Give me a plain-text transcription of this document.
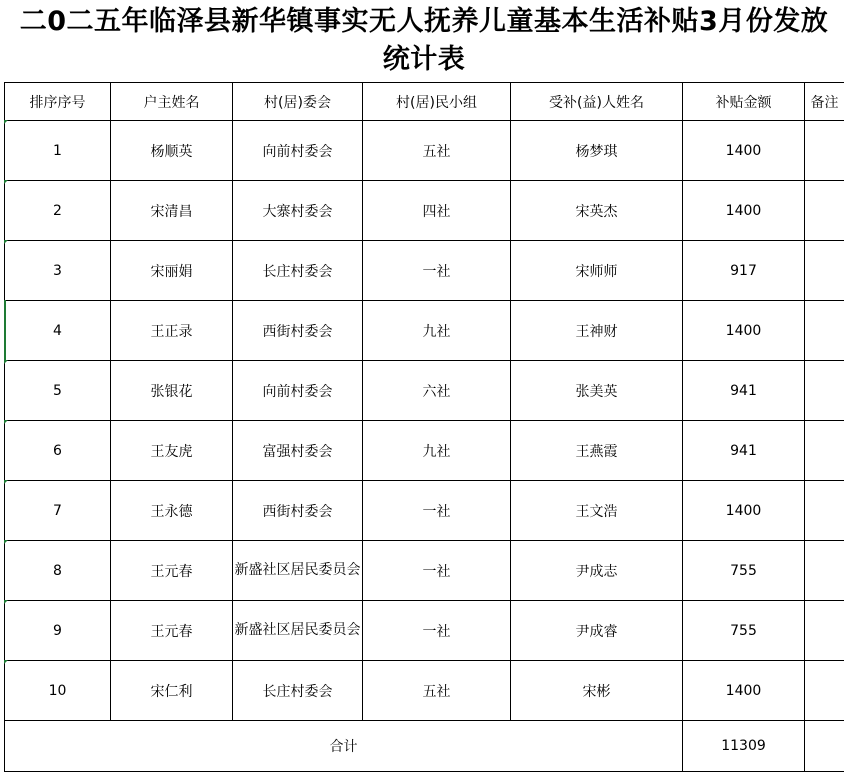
二0二五年临泽县新华镇事实无人抚养儿童基本生活补贴3月份发放统计表
排序序号	户主姓名	村(居)委会	村(居)民小组	受补(益)人姓名	补贴金额	备注
1	杨顺英	向前村委会	五社	杨梦琪	1400	
2	宋清昌	大寨村委会	四社	宋英杰	1400	
3	宋丽娟	长庄村委会	一社	宋师师	917	
4	王正录	西街村委会	九社	王神财	1400	
5	张银花	向前村委会	六社	张美英	941	
6	王友虎	富强村委会	九社	王燕霞	941	
7	王永德	西街村委会	一社	王文浩	1400	
8	王元春	新盛社区居民委员会	一社	尹成志	755	
9	王元春	新盛社区居民委员会	一社	尹成睿	755	
10	宋仁利	长庄村委会	五社	宋彬	1400	
合计					11309	
